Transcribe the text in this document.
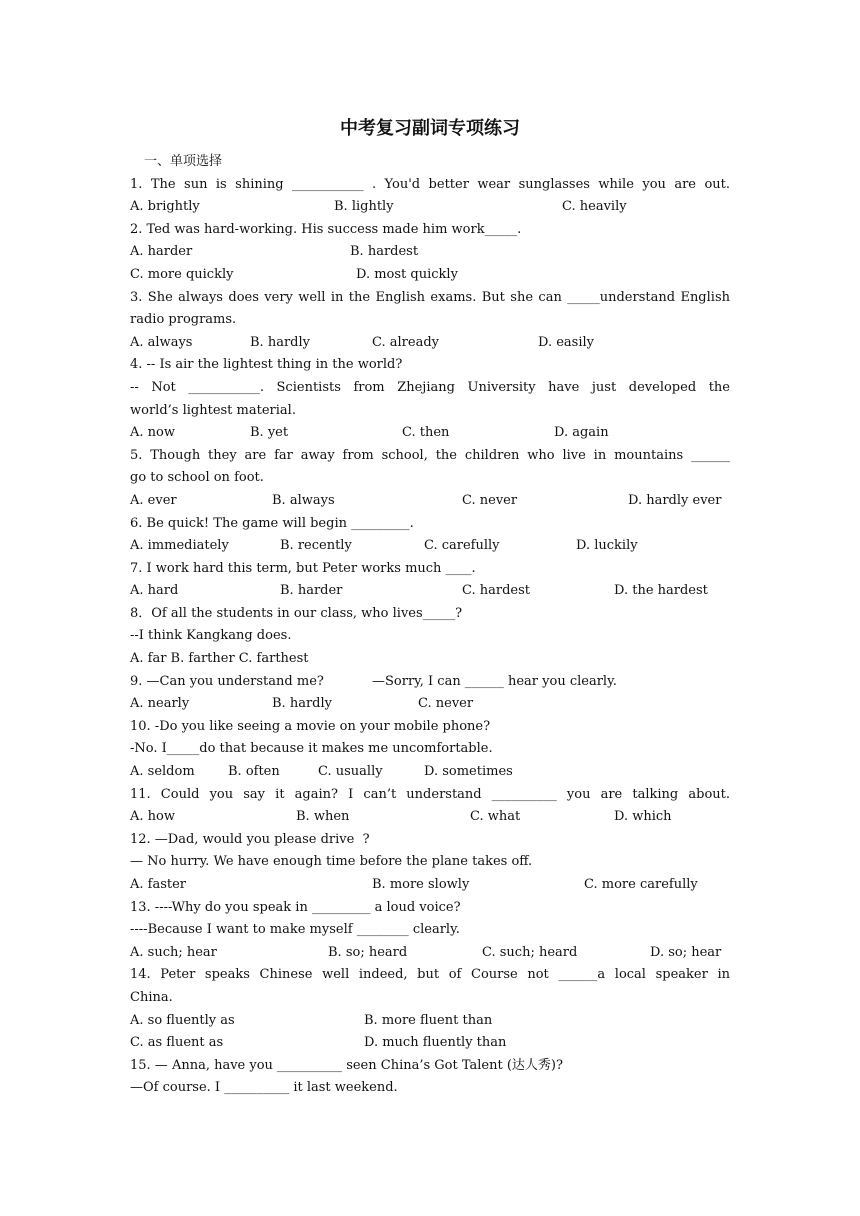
中考复习副词专项练习
一、单项选择
1. The sun is shining ___________ . You'd better wear sunglasses while you are out.
A. brightly	B. lightly	C. heavily
2. Ted was hard-working. His success made him work_____.
A. harder	B. hardest
C. more quickly	D. most quickly
3. She always does very well in the English exams. But she can _____understand English
radio programs.
A. always	B. hardly	C. already	D. easily
4. -- Is air the lightest thing in the world?
-- Not ___________. Scientists from Zhejiang University have just developed the
world’s lightest material.
A. now	B. yet	C. then	D. again
5. Though they are far away from school, the children who live in mountains ______
go to school on foot.
A. ever	B. always	C. never	D. hardly ever
6. Be quick! The game will begin _________.
A. immediately	B. recently	C. carefully	D. luckily
7. I work hard this term, but Peter works much ____.
A. hard	B. harder	C. hardest	D. the hardest
8．Of all the students in our class, who lives_____?
--I think Kangkang does.
A. far B. farther C. farthest
9. —Can you understand me?	—Sorry, I can ______ hear you clearly.
A. nearly	B. hardly	C. never
10. -Do you like seeing a movie on your mobile phone?
-No. I_____do that because it makes me uncomfortable.
A. seldom	B. often	C. usually	D. sometimes
11. Could you say it again? I can’t understand __________ you are talking about.
A. how	B. when	C. what	D. which
12. —Dad, would you please drive  ?
— No hurry. We have enough time before the plane takes off.
A. faster	B. more slowly	C. more carefully
13. ----Why do you speak in _________ a loud voice?
----Because I want to make myself ________ clearly.
A. such; hear	B. so; heard	C. such; heard	D. so; hear
14. Peter speaks Chinese well indeed, but of Course not ______a local speaker in
China.
A. so fluently as	B. more fluent than
C. as fluent as	D. much fluently than
15. — Anna, have you __________ seen China’s Got Talent (达人秀)?
—Of course. I __________ it last weekend.
